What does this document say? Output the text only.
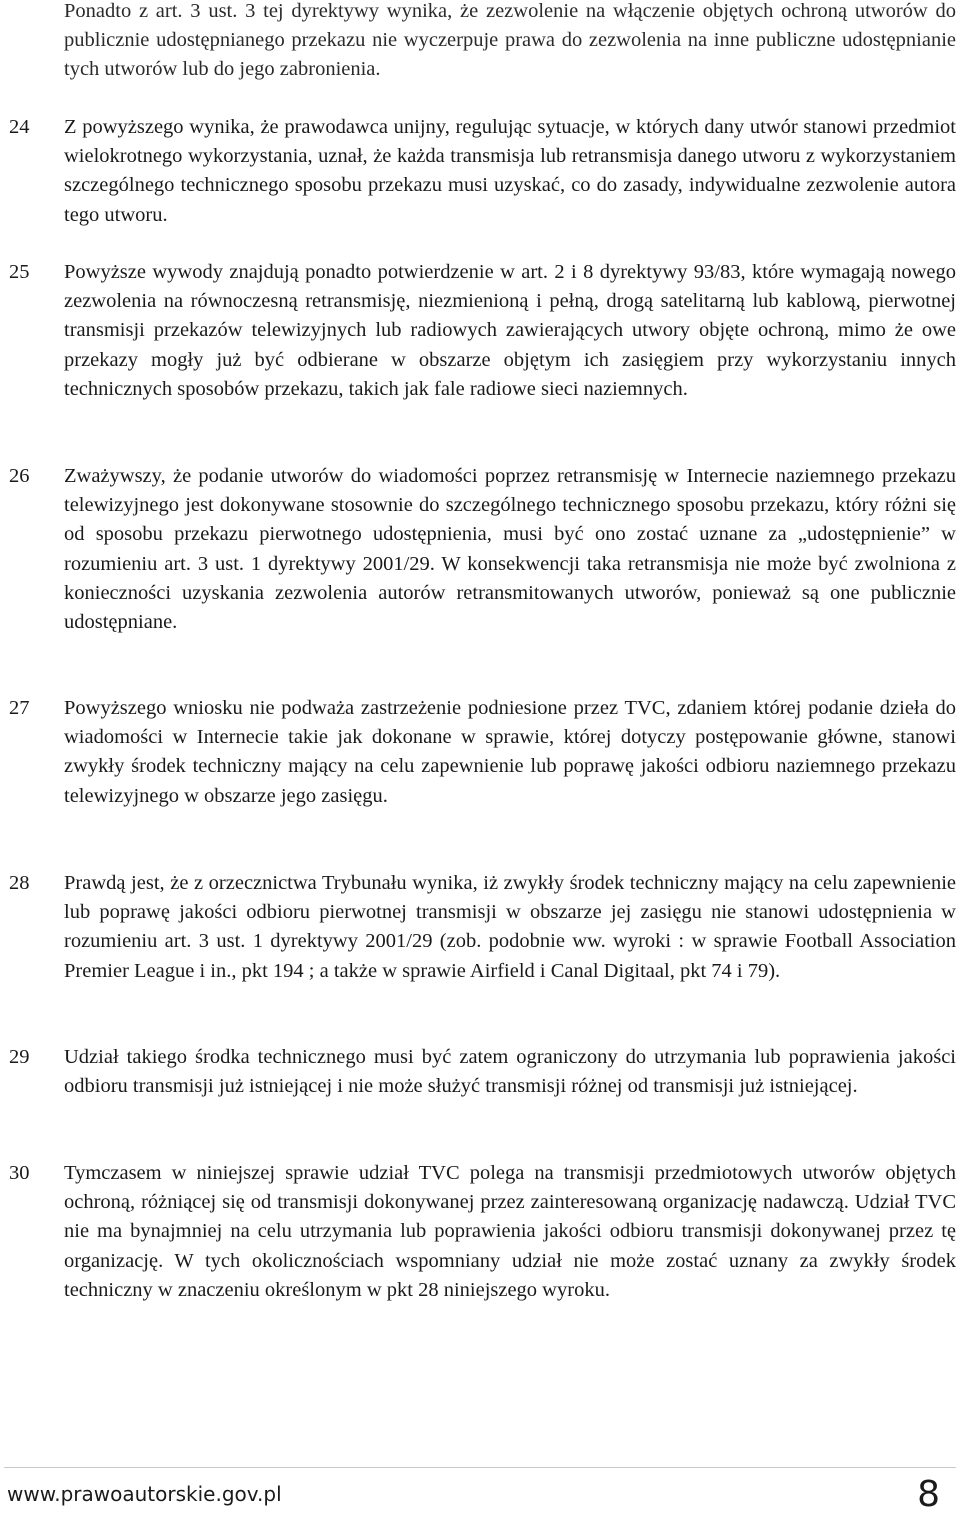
Ponadto z art. 3 ust. 3 tej dyrektywy wynika, że zezwolenie na włączenie objętych ochroną utworów do publicznie udostępnianego przekazu nie wyczerpuje prawa do zezwolenia na inne publiczne udostępnianie tych utworów lub do jego zabronienia.

24 Z powyższego wynika, że prawodawca unijny, regulując sytuacje, w których dany utwór stanowi przedmiot wielokrotnego wykorzystania, uznał, że każda transmisja lub retransmisja danego utworu z wykorzystaniem szczególnego technicznego sposobu przekazu musi uzyskać, co do zasady, indywidualne zezwolenie autora tego utworu.

25 Powyższe wywody znajdują ponadto potwierdzenie w art. 2 i 8 dyrektywy 93/83, które wymagają nowego zezwolenia na równoczesną retransmisję, niezmienioną i pełną, drogą satelitarną lub kablową, pierwotnej transmisji przekazów telewizyjnych lub radiowych zawierających utwory objęte ochroną, mimo że owe przekazy mogły już być odbierane w obszarze objętym ich zasięgiem przy wykorzystaniu innych technicznych sposobów przekazu, takich jak fale radiowe sieci naziemnych.

26 Zważywszy, że podanie utworów do wiadomości poprzez retransmisję w Internecie naziemnego przekazu telewizyjnego jest dokonywane stosownie do szczególnego technicznego sposobu przekazu, który różni się od sposobu przekazu pierwotnego udostępnienia, musi być ono zostać uznane za „udostępnienie” w rozumieniu art. 3 ust. 1 dyrektywy 2001/29. W konsekwencji taka retransmisja nie może być zwolniona z konieczności uzyskania zezwolenia autorów retransmitowanych utworów, ponieważ są one publicznie udostępniane.

27 Powyższego wniosku nie podważa zastrzeżenie podniesione przez TVC, zdaniem której podanie dzieła do wiadomości w Internecie takie jak dokonane w sprawie, której dotyczy postępowanie główne, stanowi zwykły środek techniczny mający na celu zapewnienie lub poprawę jakości odbioru naziemnego przekazu telewizyjnego w obszarze jego zasięgu.

28 Prawdą jest, że z orzecznictwa Trybunału wynika, iż zwykły środek techniczny mający na celu zapewnienie lub poprawę jakości odbioru pierwotnej transmisji w obszarze jej zasięgu nie stanowi udostępnienia w rozumieniu art. 3 ust. 1 dyrektywy 2001/29 (zob. podobnie ww. wyroki : w sprawie Football Association Premier League i in., pkt 194 ; a także w sprawie Airfield i Canal Digitaal, pkt 74 i 79).

29 Udział takiego środka technicznego musi być zatem ograniczony do utrzymania lub poprawienia jakości odbioru transmisji już istniejącej i nie może służyć transmisji różnej od transmisji już istniejącej.

30 Tymczasem w niniejszej sprawie udział TVC polega na transmisji przedmiotowych utworów objętych ochroną, różniącej się od transmisji dokonywanej przez zainteresowaną organizację nadawczą. Udział TVC nie ma bynajmniej na celu utrzymania lub poprawienia jakości odbioru transmisji dokonywanej przez tę organizację. W tych okolicznościach wspomniany udział nie może zostać uznany za zwykły środek techniczny w znaczeniu określonym w pkt 28 niniejszego wyroku.

www.prawoautorskie.gov.pl	8
